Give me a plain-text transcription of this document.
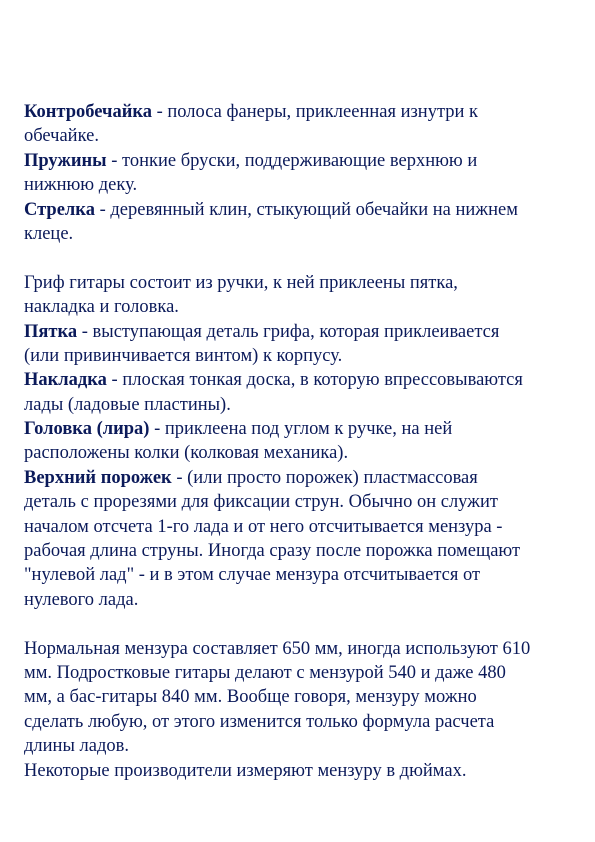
Контробечайка - полоса фанеры, приклеенная изнутри к
обечайке.
Пружины - тонкие бруски, поддерживающие верхнюю и
нижнюю деку.
Стрелка - деревянный клин, стыкующий обечайки на нижнем
клеце.
Гриф гитары состоит из ручки, к ней приклеены пятка,
накладка и головка.
Пятка - выступающая деталь грифа, которая приклеивается
(или привинчивается винтом) к корпусу.
Накладка - плоская тонкая доска, в которую впрессовываются
лады (ладовые пластины).
Головка (лира) - приклеена под углом к ручке, на ней
расположены колки (колковая механика).
Верхний порожек - (или просто порожек) пластмассовая
деталь с прорезями для фиксации струн. Обычно он служит
началом отсчета 1-го лада и от него отсчитывается мензура -
рабочая длина струны. Иногда сразу после порожка помещают
"нулевой лад" - и в этом случае мензура отсчитывается от
нулевого лада.
Нормальная мензура составляет 650 мм, иногда используют 610
мм. Подростковые гитары делают с мензурой 540 и даже 480
мм, а бас-гитары 840 мм. Вообще говоря, мензуру можно
сделать любую, от этого изменится только формула расчета
длины ладов.
Некоторые производители измеряют мензуру в дюймах.
